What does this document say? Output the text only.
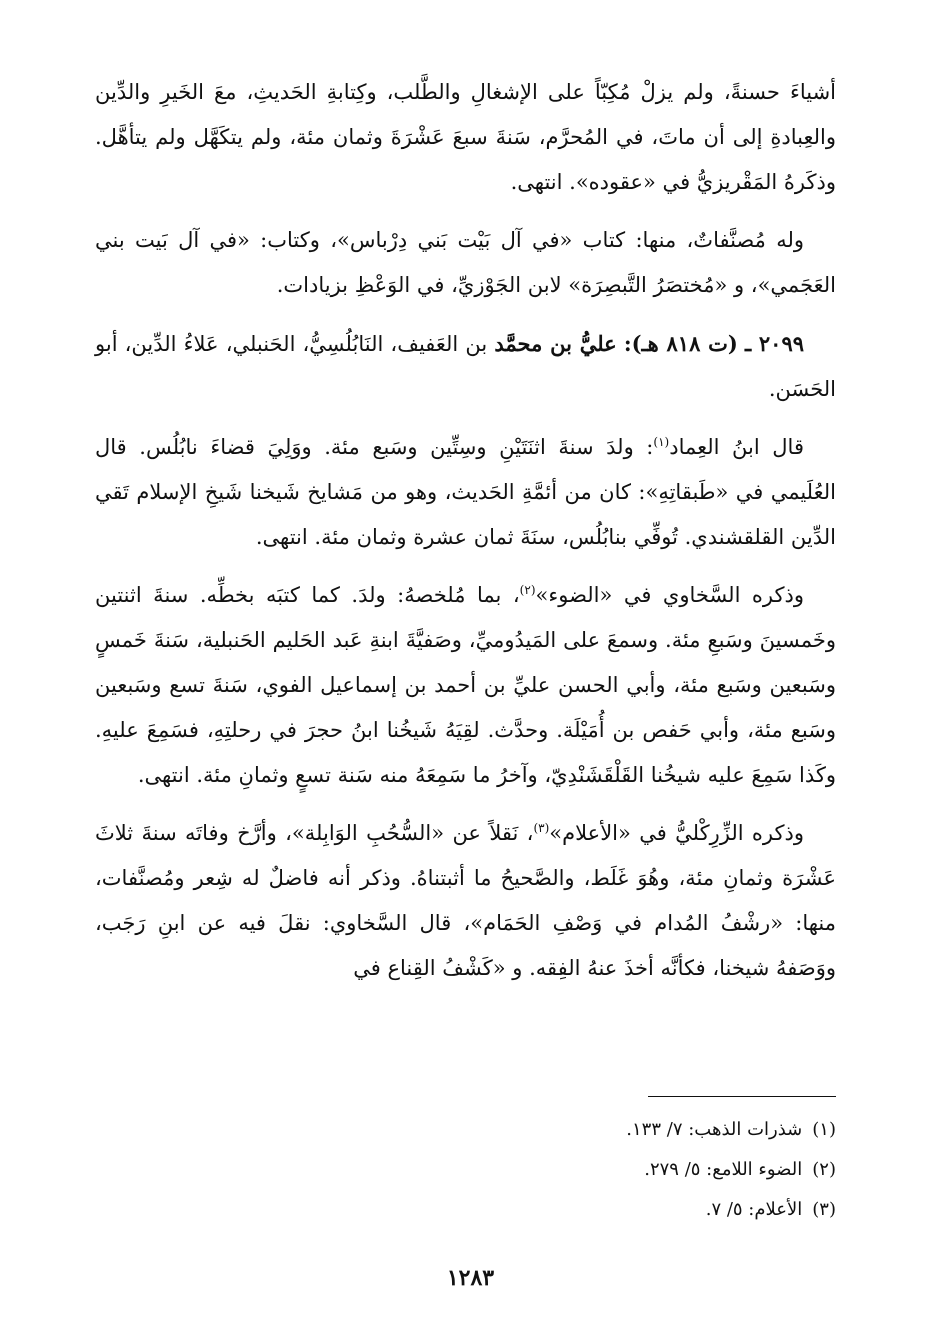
أشياءَ حسنةً، ولم يزلْ مُكِبّاً على الإشغالِ والطَّلب، وكِتابةِ الحَديثِ، معَ الخَيرِ والدِّين والعِبادةِ إلى أن ماتَ، في المُحرَّم، سَنةَ سبعَ عَشْرَةَ وثمان مئة، ولم يتكَهَّل ولم يتأهَّل. وذكَرهُ المَقْريزيُّ في «عقوده». انتهى.

وله مُصنَّفاتٌ، منها: كتاب «في آل بَيْت بَني دِرْباس»، وكتاب: «في آل بَيت بني العَجَمي»، و «مُختصَرُ التَّبصِرَة» لابن الجَوْزيِّ، في الوَعْظِ بزيادات.

٢٠٩٩ ـ (ت ٨١٨ هـ): عليُّ بن محمَّد بن العَفيف، النَابُلُسِيُّ، الحَنبلي، عَلاءُ الدِّين، أبو الحَسَن.

قال ابنُ العِماد$^{(١)}$: ولدَ سنةَ اثنَتَيْنِ وسِتِّين وسَبع مئة. ووَلِيَ قضاءَ نابُلُس. قال العُلَيمي في «طَبقاتِهِ»: كان من أئمَّةِ الحَديث، وهو من مَشايخ شَيخنا شَيخِ الإسلام تَقي الدِّين القلقشندي. تُوفِّي بنابُلُس، سنَةَ ثمان عشرة وثمان مئة. انتهى.

وذكره السَّخاوي في «الضوء»$^{(٢)}$، بما مُلخصهُ: ولدَ. كما كتبَه بخطِّه. سنةَ اثنتين وخَمسينَ وسَبعِ مئة. وسمعَ على المَيدُوميِّ، وصَفيَّةَ ابنةِ عَبد الحَليم الحَنبلية، سَنةَ خَمسٍ وسَبعين وسَبع مئة، وأبي الحسن عليِّ بن أحمد بن إسماعيل الفوي، سَنةَ تسع وسَبعين وسَبع مئة، وأبي حَفص بن أُمَيْلَة. وحدَّث. لقِيَهُ شَيخُنا ابنُ حجرَ في رحلتِهِ، فسَمِعَ عليهِ. وكَذا سَمِعَ عليه شيخُنا القَلْقَشَنْدِيّ، وآخرُ ما سَمِعَهُ منه سَنة تسعٍ وثمانِ مئة. انتهى.

وذكره الزِّرِكْليُّ في «الأعلام»$^{(٣)}$، نَقلاً عن «السُّحُبِ الوَابِلة»، وأرَّخ وفاتَه سنةَ ثلاثَ عَشْرَة وثمانِ مئة، وهُوَ غَلَط، والصَّحيحُ ما أثبتناهُ. وذكر أنه فاضلٌ له شِعر ومُصنَّفات، منها: «رشْفُ المُدام في وَصْفِ الحَمَام»، قال السَّخاوي: نقلَ فيه عن ابنِ رَجَب، ووَصَفهُ شيخنا، فكأنَّه أخذَ عنهُ الفِقه. و «كَشْفُ القِناع في

(١)شذرات الذهب: ٧/ ١٣٣.
(٢)الضوء اللامع: ٥/ ٢٧٩.
(٣)الأعلام: ٥/ ٧.
١٢٨٣
